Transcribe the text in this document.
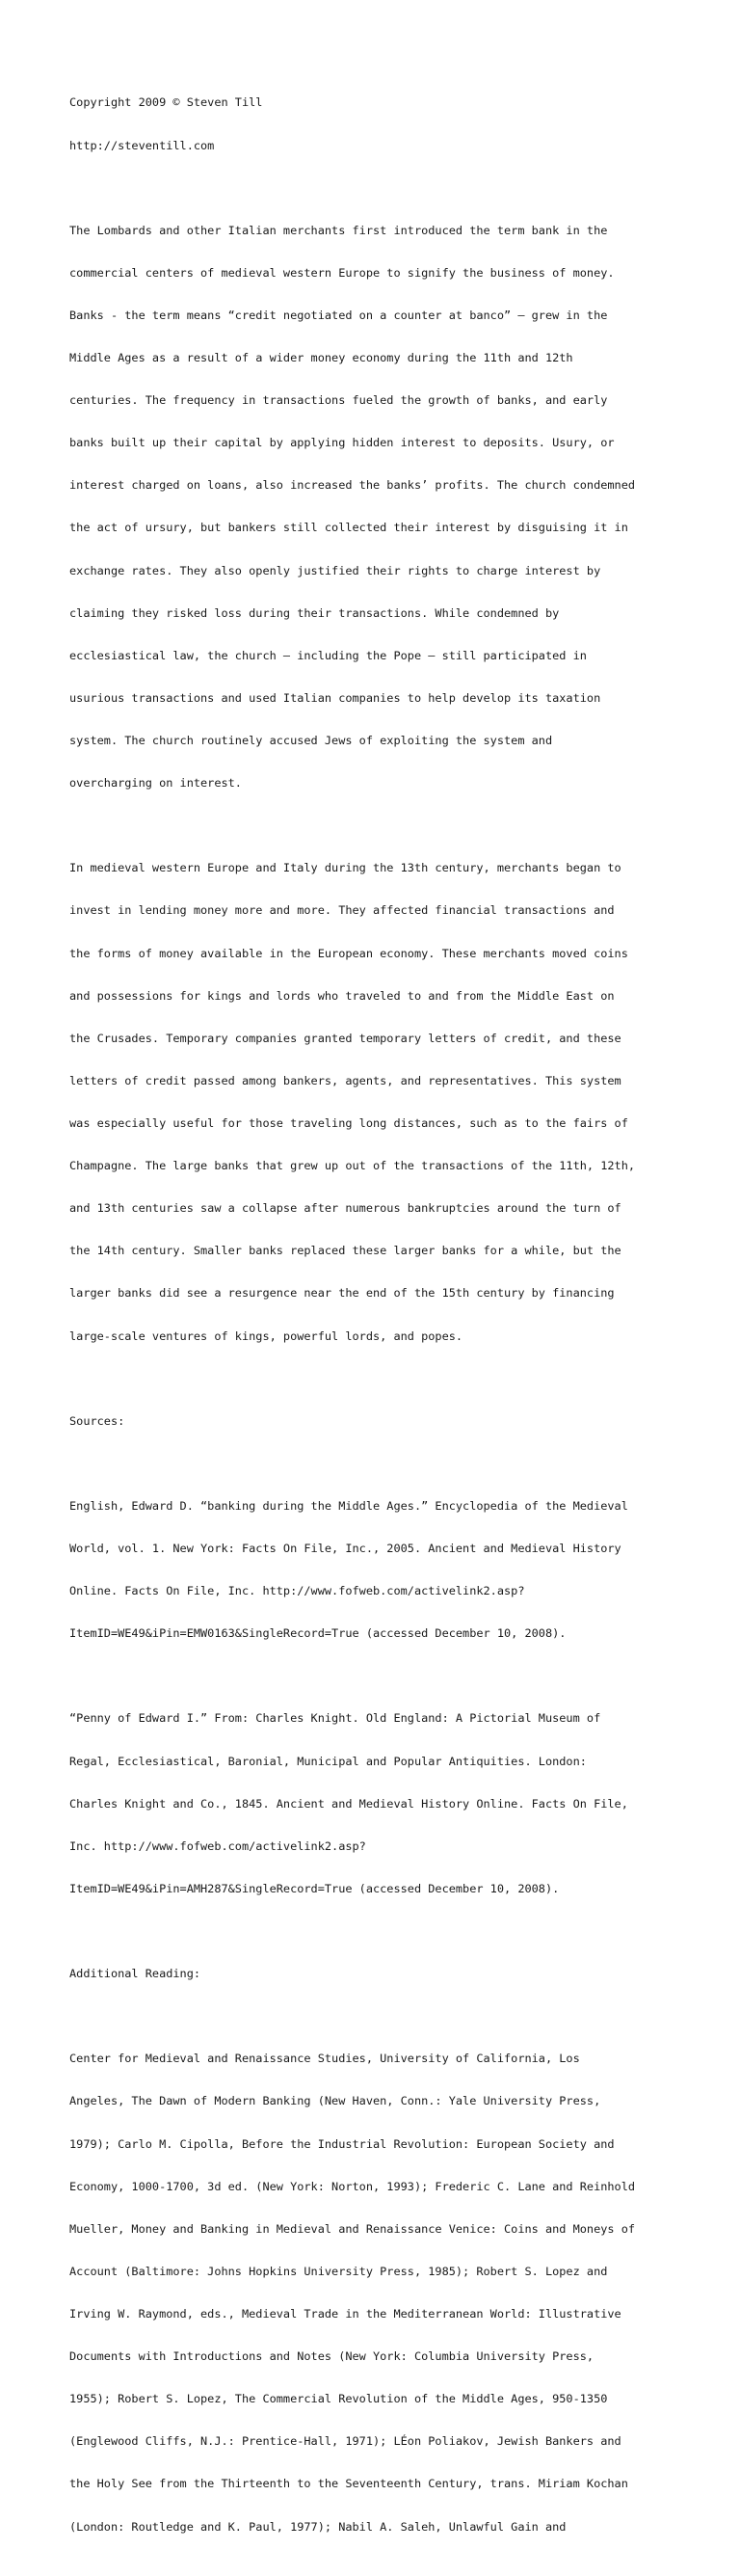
Copyright 2009 © Steven Till

http://steventill.com

The Lombards and other Italian merchants first introduced the term bank in the

commercial centers of medieval western Europe to signify the business of money.

Banks - the term means “credit negotiated on a counter at banco” — grew in the

Middle Ages as a result of a wider money economy during the 11th and 12th

centuries. The frequency in transactions fueled the growth of banks, and early

banks built up their capital by applying hidden interest to deposits. Usury, or

interest charged on loans, also increased the banks’ profits. The church condemned

the act of ursury, but bankers still collected their interest by disguising it in

exchange rates. They also openly justified their rights to charge interest by

claiming they risked loss during their transactions. While condemned by

ecclesiastical law, the church — including the Pope — still participated in

usurious transactions and used Italian companies to help develop its taxation

system. The church routinely accused Jews of exploiting the system and

overcharging on interest.

In medieval western Europe and Italy during the 13th century, merchants began to

invest in lending money more and more. They affected financial transactions and

the forms of money available in the European economy. These merchants moved coins

and possessions for kings and lords who traveled to and from the Middle East on

the Crusades. Temporary companies granted temporary letters of credit, and these

letters of credit passed among bankers, agents, and representatives. This system

was especially useful for those traveling long distances, such as to the fairs of

Champagne. The large banks that grew up out of the transactions of the 11th, 12th,

and 13th centuries saw a collapse after numerous bankruptcies around the turn of

the 14th century. Smaller banks replaced these larger banks for a while, but the

larger banks did see a resurgence near the end of the 15th century by financing

large-scale ventures of kings, powerful lords, and popes.

Sources:

English, Edward D. “banking during the Middle Ages.” Encyclopedia of the Medieval

World, vol. 1. New York: Facts On File, Inc., 2005. Ancient and Medieval History

Online. Facts On File, Inc. http://www.fofweb.com/activelink2.asp?

ItemID=WE49&iPin=EMW0163&SingleRecord=True (accessed December 10, 2008).

“Penny of Edward I.” From: Charles Knight. Old England: A Pictorial Museum of

Regal, Ecclesiastical, Baronial, Municipal and Popular Antiquities. London:

Charles Knight and Co., 1845. Ancient and Medieval History Online. Facts On File,

Inc. http://www.fofweb.com/activelink2.asp?

ItemID=WE49&iPin=AMH287&SingleRecord=True (accessed December 10, 2008).

Additional Reading:

Center for Medieval and Renaissance Studies, University of California, Los

Angeles, The Dawn of Modern Banking (New Haven, Conn.: Yale University Press,

1979); Carlo M. Cipolla, Before the Industrial Revolution: European Society and

Economy, 1000-1700, 3d ed. (New York: Norton, 1993); Frederic C. Lane and Reinhold

Mueller, Money and Banking in Medieval and Renaissance Venice: Coins and Moneys of

Account (Baltimore: Johns Hopkins University Press, 1985); Robert S. Lopez and

Irving W. Raymond, eds., Medieval Trade in the Mediterranean World: Illustrative

Documents with Introductions and Notes (New York: Columbia University Press,

1955); Robert S. Lopez, The Commercial Revolution of the Middle Ages, 950-1350

(Englewood Cliffs, N.J.: Prentice-Hall, 1971); LÉon Poliakov, Jewish Bankers and

the Holy See from the Thirteenth to the Seventeenth Century, trans. Miriam Kochan

(London: Routledge and K. Paul, 1977); Nabil A. Saleh, Unlawful Gain and
